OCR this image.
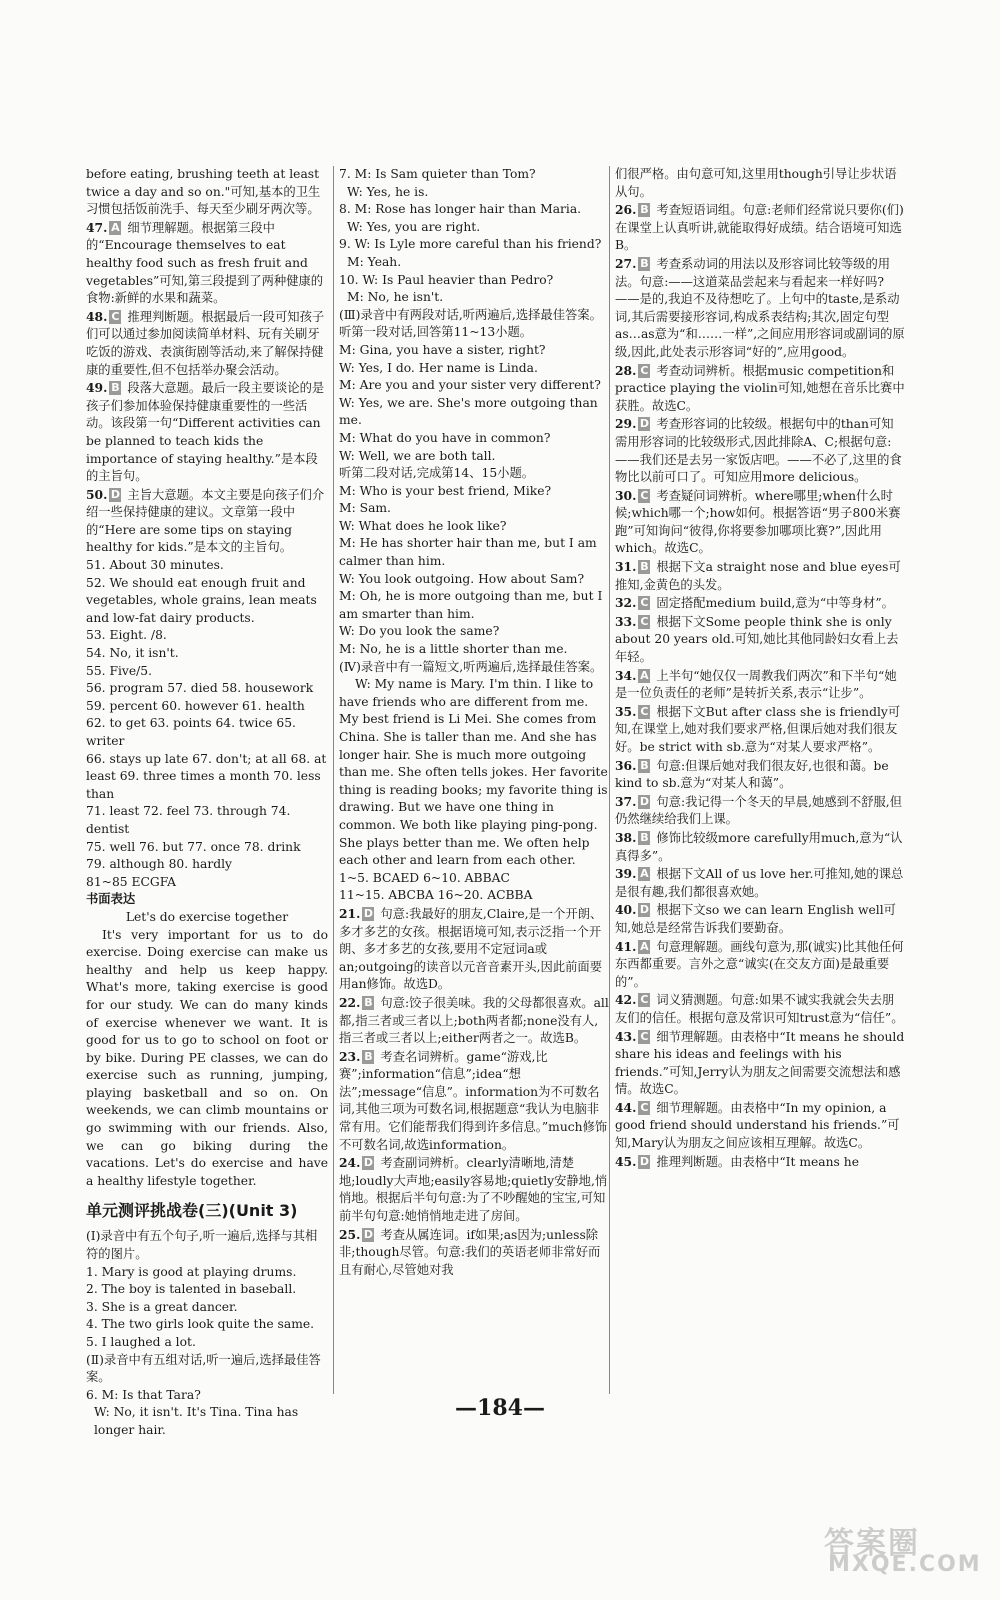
before eating, brushing teeth at least twice a day and so on."可知,基本的卫生习惯包括饭前洗手、每天至少刷牙两次等。

47. A 细节理解题。根据第三段中的“Encourage themselves to eat healthy food such as fresh fruit and vegetables”可知,第三段提到了两种健康的食物:新鲜的水果和蔬菜。

48. C 推理判断题。根据最后一段可知孩子们可以通过参加阅读简单材料、玩有关刷牙吃饭的游戏、表演街剧等活动,来了解保持健康的重要性,但不包括举办聚会活动。

49. B 段落大意题。最后一段主要谈论的是孩子们参加体验保持健康重要性的一些活动。该段第一句“Different activities can be planned to teach kids the importance of staying healthy.”是本段的主旨句。

50. D 主旨大意题。本文主要是向孩子们介绍一些保持健康的建议。文章第一段中的“Here are some tips on staying healthy for kids.”是本文的主旨句。

51. About 30 minutes.

52. We should eat enough fruit and vegetables, whole grains, lean meats and low-fat dairy products.

53. Eight. /8.

54. No, it isn't.

55. Five/5.

56. program 57. died 58. housework

59. percent 60. however 61. health

62. to get 63. points 64. twice 65. writer

66. stays up late 67. don't; at all 68. at least 69. three times a month 70. less than

71. least 72. feel 73. through 74. dentist

75. well 76. but 77. once 78. drink

79. although 80. hardly

81~85 ECGFA

书面表达

Let's do exercise together

It's very important for us to do exercise. Doing exercise can make us healthy and help us keep happy. What's more, taking exercise is good for our study. We can do many kinds of exercise whenever we want. It is good for us to go to school on foot or by bike. During PE classes, we can do exercise such as running, jumping, playing basketball and so on. On weekends, we can climb mountains or go swimming with our friends. Also, we can go biking during the vacations. Let's do exercise and have a healthy lifestyle together.

单元测评挑战卷(三)(Unit 3)

(Ⅰ)录音中有五个句子,听一遍后,选择与其相符的图片。

1. Mary is good at playing drums.

2. The boy is talented in baseball.

3. She is a great dancer.

4. The two girls look quite the same.

5. I laughed a lot.

(Ⅱ)录音中有五组对话,听一遍后,选择最佳答案。

6. M: Is that Tara?

W: No, it isn't. It's Tina. Tina has longer hair.

7. M: Is Sam quieter than Tom?

W: Yes, he is.

8. M: Rose has longer hair than Maria.

W: Yes, you are right.

9. W: Is Lyle more careful than his friend?

M: Yeah.

10. W: Is Paul heavier than Pedro?

M: No, he isn't.

(Ⅲ)录音中有两段对话,听两遍后,选择最佳答案。

听第一段对话,回答第11~13小题。

M: Gina, you have a sister, right?

W: Yes, I do. Her name is Linda.

M: Are you and your sister very different?

W: Yes, we are. She's more outgoing than me.

M: What do you have in common?

W: Well, we are both tall.

听第二段对话,完成第14、15小题。

M: Who is your best friend, Mike?

M: Sam.

W: What does he look like?

M: He has shorter hair than me, but I am calmer than him.

W: You look outgoing. How about Sam?

M: Oh, he is more outgoing than me, but I am smarter than him.

W: Do you look the same?

M: No, he is a little shorter than me.

(Ⅳ)录音中有一篇短文,听两遍后,选择最佳答案。

W: My name is Mary. I'm thin. I like to have friends who are different from me. My best friend is Li Mei. She comes from China. She is taller than me. And she has longer hair. She is much more outgoing than me. She often tells jokes. Her favorite thing is reading books; my favorite thing is drawing. But we have one thing in common. We both like playing ping-pong. She plays better than me. We often help each other and learn from each other.

1~5. BCAED 6~10. ABBAC

11~15. ABCBA 16~20. ACBBA

21. D 句意:我最好的朋友,Claire,是一个开朗、多才多艺的女孩。根据语境可知,表示泛指一个开朗、多才多艺的女孩,要用不定冠词a或an;outgoing的读音以元音音素开头,因此前面要用an修饰。故选D。

22. B 句意:饺子很美味。我的父母都很喜欢。all都,指三者或三者以上;both两者都;none没有人,指三者或三者以上;either两者之一。故选B。

23. B 考查名词辨析。game“游戏,比赛”;information“信息”;idea“想法”;message“信息”。information为不可数名词,其他三项为可数名词,根据题意“我认为电脑非常有用。它们能帮我们得到许多信息。”much修饰不可数名词,故选information。

24. D 考查副词辨析。clearly清晰地,清楚地;loudly大声地;easily容易地;quietly安静地,悄悄地。根据后半句句意:为了不吵醒她的宝宝,可知前半句句意:她悄悄地走进了房间。

25. D 考查从属连词。if如果;as因为;unless除非;though尽管。句意:我们的英语老师非常好而且有耐心,尽管她对我

们很严格。由句意可知,这里用though引导让步状语从句。

26. B 考查短语词组。句意:老师们经常说只要你(们)在课堂上认真听讲,就能取得好成绩。结合语境可知选B。

27. B 考查系动词的用法以及形容词比较等级的用法。句意:——这道菜品尝起来与看起来一样好吗?——是的,我迫不及待想吃了。上句中的taste,是系动词,其后需要接形容词,构成系表结构;其次,固定句型as…as意为“和……一样”,之间应用形容词或副词的原级,因此,此处表示形容词“好的”,应用good。

28. C 考查动词辨析。根据music competition和practice playing the violin可知,她想在音乐比赛中获胜。故选C。

29. D 考查形容词的比较级。根据句中的than可知需用形容词的比较级形式,因此排除A、C;根据句意:——我们还是去另一家饭店吧。——不必了,这里的食物比以前可口了。可知应用more delicious。

30. C 考查疑问词辨析。where哪里;when什么时候;which哪一个;how如何。根据答语“男子800米赛跑”可知询问“彼得,你将要参加哪项比赛?”,因此用which。故选C。

31. B 根据下文a straight nose and blue eyes可推知,金黄色的头发。

32. C 固定搭配medium build,意为“中等身材”。

33. C 根据下文Some people think she is only about 20 years old.可知,她比其他同龄妇女看上去年轻。

34. A 上半句“她仅仅一周教我们两次”和下半句“她是一位负责任的老师”是转折关系,表示“让步”。

35. C 根据下文But after class she is friendly可知,在课堂上,她对我们要求严格,但课后她对我们很友好。be strict with sb.意为“对某人要求严格”。

36. B 句意:但课后她对我们很友好,也很和蔼。be kind to sb.意为“对某人和蔼”。

37. D 句意:我记得一个冬天的早晨,她感到不舒服,但仍然继续给我们上课。

38. B 修饰比较级more carefully用much,意为“认真得多”。

39. A 根据下文All of us love her.可推知,她的课总是很有趣,我们都很喜欢她。

40. D 根据下文so we can learn English well可知,她总是经常告诉我们要勤奋。

41. A 句意理解题。画线句意为,那(诚实)比其他任何东西都重要。言外之意“诚实(在交友方面)是最重要的”。

42. C 词义猜测题。句意:如果不诚实我就会失去朋友们的信任。根据句意及常识可知trust意为“信任”。

43. C 细节理解题。由表格中“It means he should share his ideas and feelings with his friends.”可知,Jerry认为朋友之间需要交流想法和感情。故选C。

44. C 细节理解题。由表格中“In my opinion, a good friend should understand his friends.”可知,Mary认为朋友之间应该相互理解。故选C。

45. D 推理判断题。由表格中“It means he

—184—
答案圈
MXQE.COM
